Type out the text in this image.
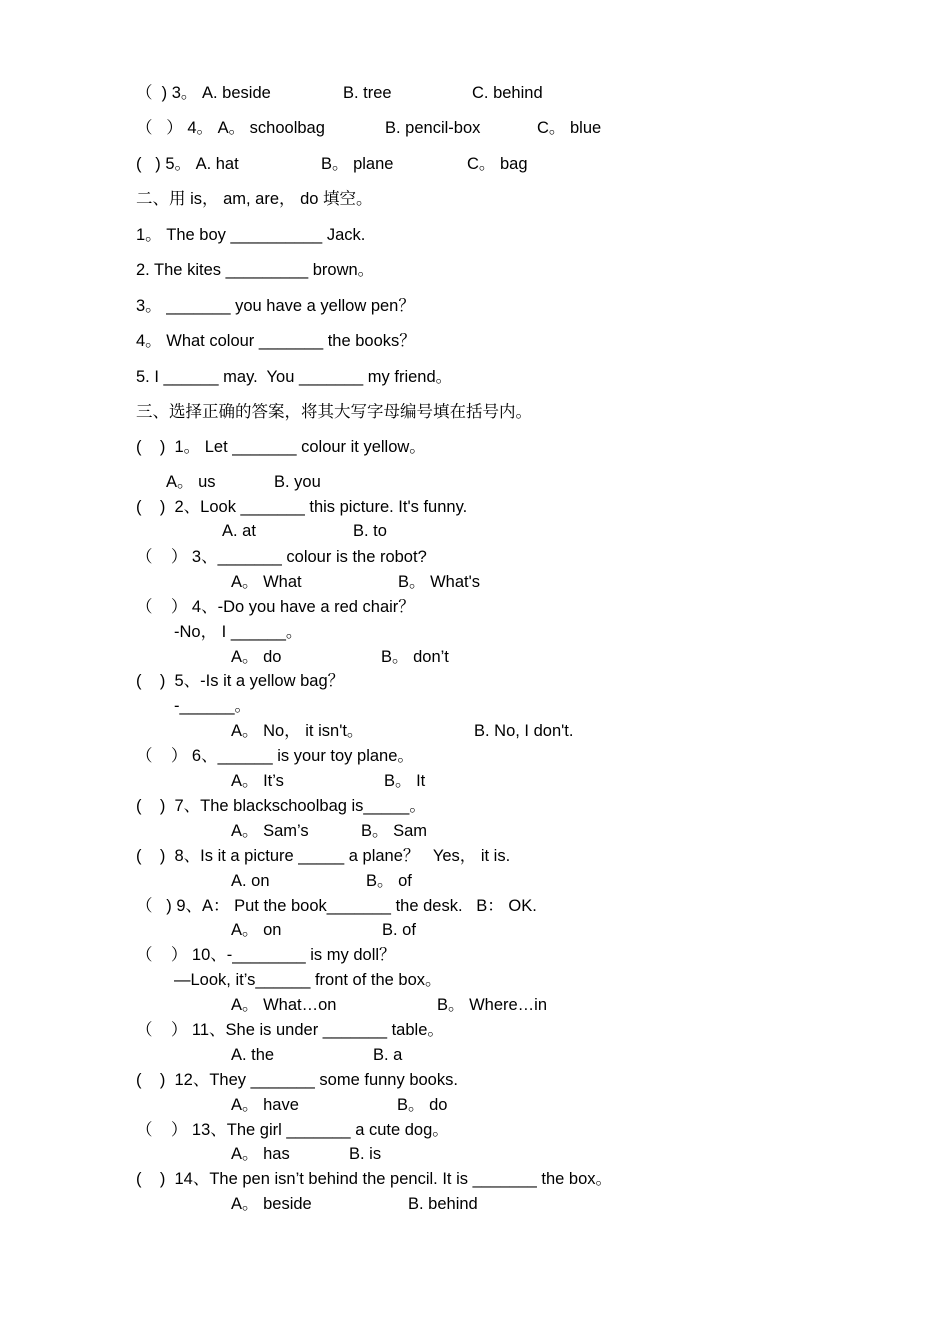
（  ) 3。 A. beside	B. tree	C. behind
（   ） 4。 A。 schoolbag	B. pencil-box	C。 blue
(   ) 5。 A. hat	B。 plane	C。 bag
二、用 is， am, are， do 填空。
1。 The boy __________ Jack.
2. The kites _________ brown。
3。 _______ you have a yellow pen？
4。 What colour _______ the books？
5. I ______ may.  You _______ my friend。
三、选择正确的答案，将其大写字母编号填在括号内。
(    )  1。 Let _______ colour it yellow。
A。 us	B. you
(    )  2、Look _______ this picture. It's funny.
A. at	B. to
（    ） 3、_______ colour is the robot?
A。 What	B。 What's
（    ） 4、-Do you have a red chair？
-No， I ______。
A。 do	B。 don’t
(    )  5、-Is it a yellow bag？
-______。
A。 No， it isn't。	B. No, I don't.
（    ） 6、______ is your toy plane。
A。 It’s	B。 It
(    )  7、The blackschoolbag is_____。
A。 Sam’s	B。 Sam
(    )  8、Is it a picture _____ a plane？   Yes， it is.
A. on	B。 of
（   ) 9、A： Put the book_______ the desk.   B： OK.
A。 on	B. of
（    ） 10、-________ is my doll？
—Look, it’s______ front of the box。
A。 What…on	B。 Where…in
（    ） 11、She is under _______ table。
A. the	B. a
(    )  12、They _______ some funny books.
A。 have	B。 do
（    ） 13、The girl _______ a cute dog。
A。 has	B. is
(    )  14、The pen isn’t behind the pencil. It is _______ the box。
A。 beside	B. behind
